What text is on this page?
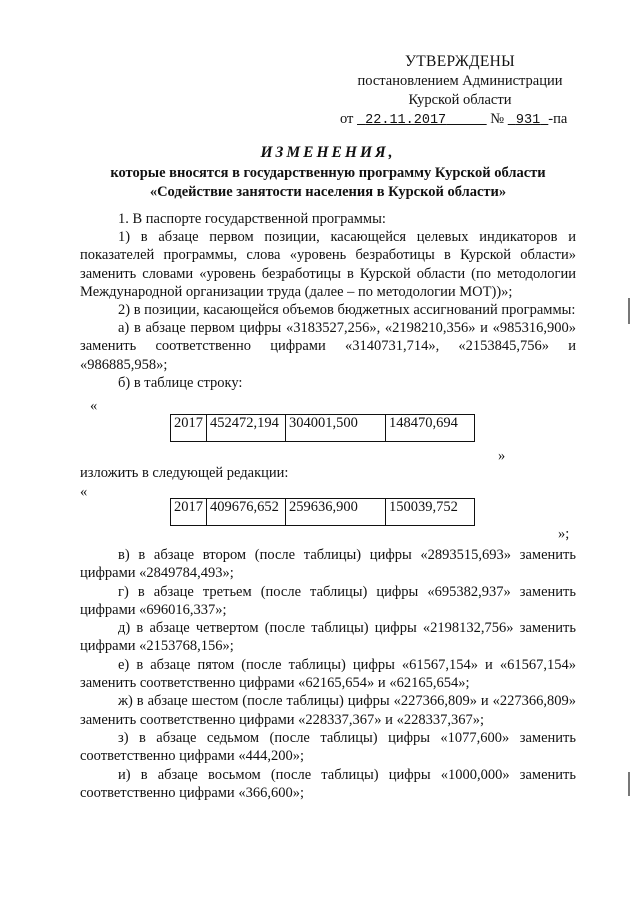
УТВЕРЖДЕНЫ
постановлением Администрации
Курской области
от 22.11.2017	№ 931 -па
ИЗМЕНЕНИЯ,
которые вносятся в государственную программу Курской области
«Содействие занятости населения в Курской области»

1. В паспорте государственной программы:

1) в абзаце первом позиции, касающейся целевых индикаторов и показателей программы, слова «уровень безработицы в Курской области» заменить словами «уровень безработицы в Курской области (по методологии Международной организации труда (далее – по методологии МОТ))»;

2) в позиции, касающейся объемов бюджетных ассигнований программы:

а) в абзаце первом цифры «3183527,256», «2198210,356» и «985316,900» заменить соответственно цифрами «3140731,714», «2153845,756» и «986885,958»;

б) в таблице строку:

«
2017	452472,194	304001,500	148470,694
»

изложить в следующей редакции:

«
2017	409676,652	259636,900	150039,752
»;

в) в абзаце втором (после таблицы) цифры «2893515,693» заменить цифрами «2849784,493»;

г) в абзаце третьем (после таблицы) цифры «695382,937» заменить цифрами «696016,337»;

д) в абзаце четвертом (после таблицы) цифры «2198132,756» заменить цифрами «2153768,156»;

е) в абзаце пятом (после таблицы) цифры «61567,154» и «61567,154» заменить соответственно цифрами «62165,654» и «62165,654»;

ж) в абзаце шестом (после таблицы) цифры «227366,809» и «227366,809» заменить соответственно цифрами «228337,367» и «228337,367»;

з) в абзаце седьмом (после таблицы) цифры «1077,600» заменить соответственно цифрами «444,200»;

и) в абзаце восьмом (после таблицы) цифры «1000,000» заменить соответственно цифрами «366,600»;
